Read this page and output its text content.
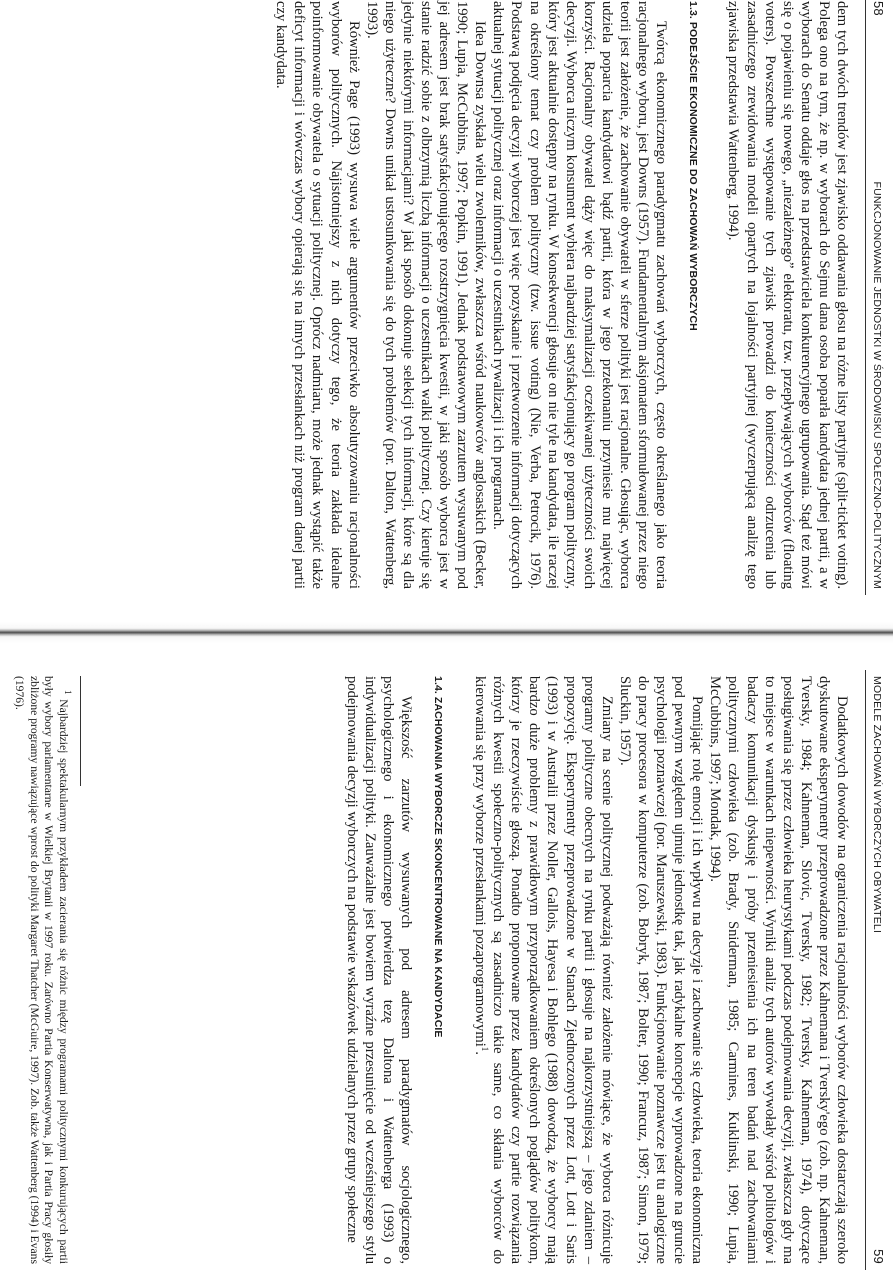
58
FUNKCJONOWANIE JEDNOSTKI W ŚRODOWISKU SPOŁECZNO-POLITYCZNYM

dem tych dwóch trendów jest zjawisko oddawania głosu na różne listy partyjne (split-ticket voting). Polega ono na tym, że np. w wyborach do Sejmu dana osoba poparła kandydata jednej partii, a w wyborach do Senatu oddaje głos na przedstawiciela konkurencyjnego ugrupowania. Stąd też mówi się o pojawieniu się nowego, „niezależnego” elektoratu, tzw. przepływających wyborców (floating voters). Powszechne występowanie tych zjawisk prowadzi do konieczności odrzucenia lub zasadniczego zrewidowania modeli opartych na lojalności partyjnej (wyczerpującą analizę tego zjawiska przedstawia Wattenberg, 1994).

1.3. PODEJŚCIE EKONOMICZNE DO ZACHOWAŃ WYBORCZYCH

Twórcą ekonomicznego paradygmatu zachowań wyborczych, często określanego jako teoria racjonalnego wyboru, jest Downs (1957). Fundamentalnym aksjomatem sformułowanej przez niego teorii jest założenie, że zachowanie obywateli w sferze polityki jest racjonalne. Głosując, wyborca udziela poparcia kandydatowi bądź partii, która w jego przekonaniu przyniesie mu najwięcej korzyści. Racjonalny obywatel dąży więc do maksymalizacji oczekiwanej użyteczności swoich decyzji. Wyborca niczym konsument wybiera najbardziej satysfakcjonujący go program polityczny, który jest aktualnie dostępny na rynku. W konsekwencji głosuje on nie tyle na kandydata, ile raczej na określony temat czy problem polityczny (tzw. issue voting) (Nie, Verba, Petrocik, 1976). Podstawą podjęcia decyzji wyborczej jest więc pozyskanie i przetworzenie informacji dotyczących aktualnej sytuacji politycznej oraz informacji o uczestnikach rywalizacji i ich programach.

Idea Downsa zyskała wielu zwolenników, zwłaszcza wśród naukowców anglosaskich (Becker, 1990; Lupia, McCubbins, 1997; Popkin, 1991). Jednak podstawowym zarzutem wysuwanym pod jej adresem jest brak satysfakcjonującego rozstrzygnięcia kwestii, w jaki sposób wyborca jest w stanie radzić sobie z olbrzymią liczbą informacji o uczestnikach walki politycznej. Czy kieruje się jedynie niektórymi informacjami? W jaki sposób dokonuje selekcji tych informacji, które są dla niego użyteczne? Downs unikał ustosunkowania się do tych problemów (por. Dalton, Wattenberg, 1993).

Również Page (1993) wysuwa wiele argumentów przeciwko absolutyzowaniu racjonalności wyborów politycznych. Najistotniejszy z nich dotyczy tego, że teoria zakłada idealne poinformowanie obywatela o sytuacji politycznej. Oprócz nadmiaru, może jednak wystąpić także deficyt informacji i wówczas wybory opierają się na innych przesłankach niż program danej partii czy kandydata.

MODELE ZACHOWAŃ WYBORCZYCH OBYWATELI
59

Dodatkowych dowodów na ograniczenia racjonalności wyborów człowieka dostarczają szeroko dyskutowane eksperymenty przeprowadzone przez Kahnemana i Tversky'ego (zob. np. Kahneman, Tversky, 1984; Kahneman, Slovic, Tversky, 1982; Tversky, Kahneman, 1974), dotyczące posługiwania się przez człowieka heurystykami podczas podejmowania decyzji, zwłaszcza gdy ma to miejsce w warunkach niepewności. Wyniki analiz tych autorów wywołały wśród politologów i badaczy komunikacji dyskusję i próby przeniesienia ich na teren badań nad zachowaniami politycznymi człowieka (zob. Brady, Sniderman, 1985; Carmines, Kuklinski, 1990; Lupia, McCubbins, 1997; Mondak, 1994).

Pomijając rolę emocji i ich wpływu na decyzje i zachowanie się człowieka, teoria ekonomiczna pod pewnym względem ujmuje jednostkę tak, jak radykalne koncepcje wyprowadzone na gruncie psychologii poznawczej (por. Maruszewski, 1983). Funkcjonowanie poznawcze jest tu analogiczne do pracy procesora w komputerze (zob. Bobryk, 1987; Bolter, 1990; Francuz, 1987; Simon, 1979; Sluckin, 1957).

Zmiany na scenie politycznej podważają również założenie mówiące, że wyborca różnicuje programy polityczne obecnych na rynku partii i głosuje na najkorzystniejszą – jego zdaniem – propozycję. Eksperymenty przeprowadzone w Stanach Zjednoczonych przez Lott, Lott i Saris (1993) i w Australii przez Noller, Gallois, Hayesa i Bohlego (1988) dowodzą, że wyborcy mają bardzo duże problemy z prawidłowym przyporządkowaniem określonych poglądów politykom, którzy je rzeczywiście głoszą. Ponadto proponowane przez kandydatów czy partie rozwiązania różnych kwestii społeczno-politycznych są zasadniczo takie same, co skłania wyborców do kierowania się przy wyborze przesłankami pozaprogramowymi$^1$.

1.4. ZACHOWANIA WYBORCZE SKONCENTROWANE NA KANDYDACIE

Większość zarzutów wysuwanych pod adresem paradygmatów socjologicznego, psychologicznego i ekonomicznego potwierdza tezę Daltona i Wattenberga (1993) o indywidualizacji polityki. Zauważalne jest bowiem wyraźne przesunięcie od wcześniejszego stylu podejmowania decyzji wyborczych na podstawie wskazówek udzielanych przez grupy społeczne

$^1$ Najbardziej spektakularnym przykładem zacierania się różnic między programami politycznymi konkurujących partii były wybory parlamentarne w Wielkiej Brytanii w 1997 roku. Zarówno Partia Konserwatywna, jak i Partia Pracy głosiły zbliżone programy nawiązujące wprost do polityki Margaret Thatcher (McGuire, 1997). Zob. także Wattenberg (1994) i Evans (1976).
